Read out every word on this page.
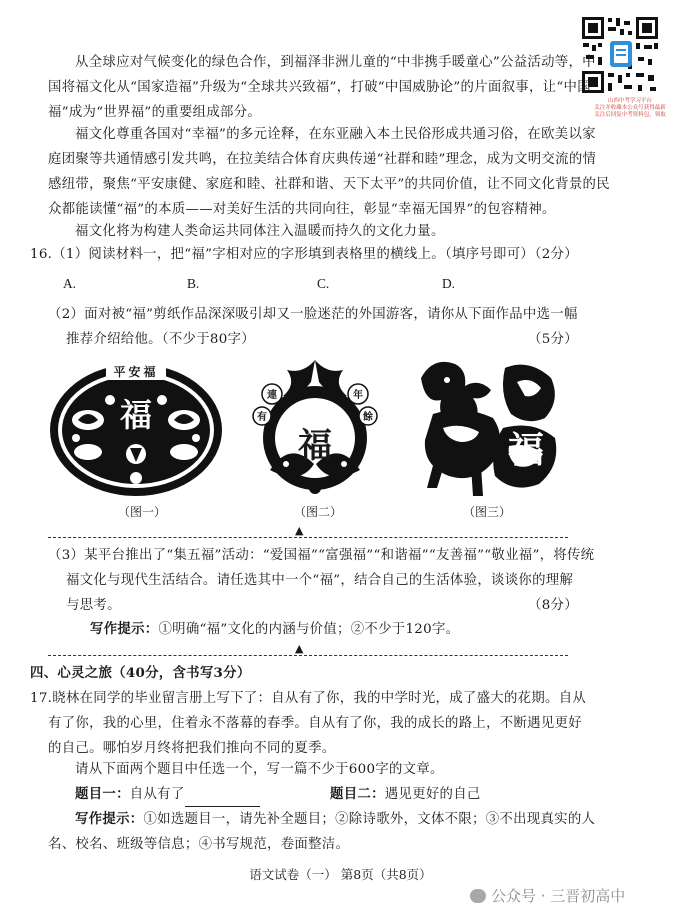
山西中考学习平台
关注并收藏本公众号获得最新
关注后回复中考资料包，领取
从全球应对气候变化的绿色合作，到福泽非洲儿童的“中非携手暖童心”公益活动等，中
国将福文化从“国家造福”升级为“全球共兴致福”，打破“中国威胁论”的片面叙事，让“中国
福”成为“世界福”的重要组成部分。
福文化尊重各国对“幸福”的多元诠释，在东亚融入本土民俗形成共通习俗，在欧美以家
庭团聚等共通情感引发共鸣，在拉美结合体育庆典传递“社群和睦”理念，成为文明交流的情
感纽带，聚焦“平安康健、家庭和睦、社群和谐、天下太平”的共同价值，让不同文化背景的民
众都能读懂“福”的本质——对美好生活的共同向往，彰显“幸福无国界”的包容精神。
福文化将为构建人类命运共同体注入温暖而持久的文化力量。
16.（1）阅读材料一，把“福”字相对应的字形填到表格里的横线上。（填序号即可）
（2分）
A.	B.	C.	D.
（2）面对被“福”剪纸作品深深吸引却又一脸迷茫的外国游客，请你从下面作品中选一幅
推荐介绍给他。（不少于80字）	（5分）
平安福
福
（图一）
連
有
年
餘
福
（图二）
福
（图三）
▲
（3）某平台推出了“集五福”活动：“爱国福”“富强福”“和谐福”“友善福”“敬业福”，将传统
福文化与现代生活结合。请任选其中一个“福”，结合自己的生活体验，谈谈你的理解
与思考。	（8分）
写作提示：①明确“福”文化的内涵与价值；②不少于120字。
▲
四、心灵之旅（40分，含书写3分）
17.晓林在同学的毕业留言册上写下了：自从有了你，我的中学时光，成了盛大的花期。自从
有了你，我的心里，住着永不落幕的春季。自从有了你，我的成长的路上，不断遇见更好
的自己。哪怕岁月终将把我们推向不同的夏季。
请从下面两个题目中任选一个，写一篇不少于600字的文章。
题目一：自从有了	题目二：遇见更好的自己
写作提示：①如选题目一，请先补全题目；②除诗歌外，文体不限；③不出现真实的人
名、校名、班级等信息；④书写规范，卷面整洁。
语文试卷（一） 第8页（共8页）
公众号 · 三晋初高中
